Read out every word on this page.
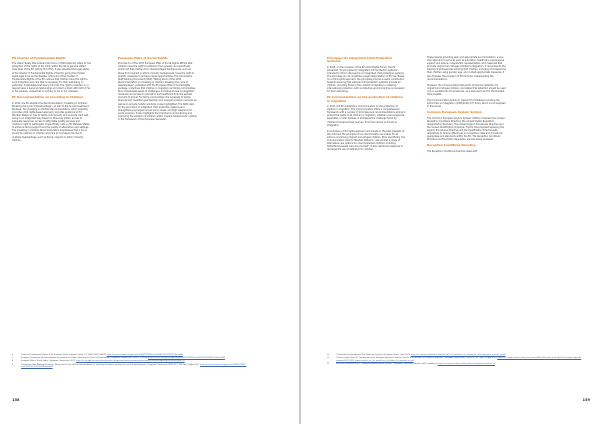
EU Charter of Fundamental Rights

The Lisbon Treaty that entered into force in 2009 explicitly refers to 'the protection of the rights of the child' within the list of general stated objectives of the EU (article 3(3) TEU). It also elevated the legal status of the Charter of Fundamental Rights of the EU, giving the Charter equal legal force as the Treaties. Article 24 of the Charter of Fundamental Rights of the EU outlines that children have the right to such protection and care that is necessary for their well-being. In particular, it stipulates that every child has 'the right to maintain on a regular basis a personal relationship and direct contact with both of his or her parents, unless that is contrary to his or her interests'.

EC Recommendation on Investing in Children

In 2013, the EC adopted the Recommendation "Investing in Children: Breaking the Cycle of Disadvantage", as part of the Social Investment Package. The Investing in Children Recommendation, which explicitly promotes child rights-based approach, provides guidance to EU Member States on how to tackle child poverty and promote child well-being in an integrated way based on three key pillars: access to adequate resources, access to affordable quality services and children's right to participate. It specifically calls on EU Member States to enhance family support and the quality of alternative care settings. The Investing in Children Recommendation emphasises that a focus should be centred on children who face an increased risk due to multiple disadvantage, such as Roma, migrant or ethnic minority children.

European Pillar of Social Rights

Principle 11 of the 2017 European Pillar of Social Rights affirms that children have the right to protection from poverty and specifically points out that children from disadvantaged backgrounds, such as those from migrant or ethnic minority backgrounds, have the right to specific measures to enhance equal opportunities. The Commission Staff Working Document (SWD) "Taking Stock of the 2013 Recommendation on Investing in children: breaking the cycle of disadvantage", published with the European Pillar of Social Rights package, underlines that children in migration and Roma communities face considerable levels of challenges, including access to integration measures and access to education and healthcare from the earliest moment of arrival. For Roma communities, the necessity to tackle financial and 'qualified guardianship' and unequal access to services as well as to provide holistic solutions is also highlighted. The SWD calls for the promotion of integrated child protection systems and strengthening synergies across policy areas, and high relevance for social inclusion. It also highlights the importance of monitoring and improving the situation of children within migrant backgrounds, notably in the framework of the European Semester.

6	Charter of Fundamental Rights of the European Union, European Union, 2.7.2000, 2000/C 364/01 https://eur-lex.europa.eu/legal-content/EN/TXT/PDF/?uri=CELEX:12012P/TXT&from=EN
7	European Commission Recommendation of Investing in Children: Breaking the Cycle of Disadvantage', European Commission, C(2013) 778 final https://eur-lex.europa.eu/legal-content/EN/TXT/PDF/?uri=CELEX:32013H0112&from=EN
8	European Pillar of Social Rights', European Commission, 2017. https://ec.europa.eu/commission/priorities/deeper-and-fairer-economic-and-monetary-union/european-pillar-social-rights_en
9	Commission Staff Working Document 'Taking stock of the 2013 Recommendation on 'Investing in children: breaking the cycle of disadvantage'', European Commission, SWD(2017) 258 final, 26 April 2017 https://eur-lex.europa.eu/legal-content/EN/TXT/PDF/?uri=CELEX:52017SC0258&from=EN
158
Principles for Integrated Child Protection Systems

In 2015, on the occasion of the 9th Child Rights Forum, the EC presented "10 principles for integrated child protection systems", intended to inform discussions on integrated child protection systems. The principles do not constitute a legal interpretation of EU law. Based on a child-rights approach, the principles provide a useful contribution towards ensuring that national child protection systems provide all children, including those in the context of migration or seeking international protection, with a protective environment as is necessary for their well-being.

EC Communication on the protection of children in migration

In 2017, the EC published a Communication on the protection of children in migration. The Communication offers a comprehensive framework with a number of principles and recommendations aiming to protect the rights of all children in migration, whether unaccompanied, separated, or with families. It addresses the challenge faced by children throughout their journey, from their arrival in Europe to integration.

It promotes a child-rights approach and insists on the best interests of the child and the principle of non-discrimination as a basis for all actions concerning migrant and refugee children. More specifically, the Communication calls for Member States to "ensure that a range of alternative care options for unaccompanied children, including foster/family-based care are provided". It also reinforces measures to decrease the use of detention for children.

These require providing each and appropriate accommodation, a one-stop approach to services such as education, healthcare, psychosocial support and leisure, independent representation, and measures that promote migrant and refugee children's integration. It recommends the training of professionals working with children, including commissioning their children using gender, age, and context-appropriate measures. It also foresees the provision of EU funds for implementing the recommendations.

However, the Communication falls short of banning detention for migrant and refugee children, and states that detention should be used only in exceptional circumstances, as a last resort and for the shortest time possible.

This Communication builds on relevant EU initiatives including the Action Plan on Integration (COM(2016) 377 final), which is not analysed in this annex.

Common European Asylum System

The 'Common European Asylum System' (CEAS) comprises the revised Reception Conditions Directive, the revised Dublin Regulation (supported by Eurodac), the revised Asylum Procedures Directive and the revised Qualification Directive. The EC has proposed replacing the Asylum Procedures Directive and the Qualification Directive with regulations to reduce differences in recognition rates and procedural guarantees and standards within the EU. The Reception Conditions Directive and the Dublin Regulation are also being reviewed.

Reception Conditions Directive

The Reception Conditions Directive deals with

10	'10 Principles for Integrated Child Protection Systems', European Union, 9 June 2015. https://ec.europa.eu/info/sites/info/files/2015_10_principles_for_integrated_child_protection_systems_en.pdf
11	'Communication from the Commission to the European Parliament and the Council: The Protection of Children in Migration', European Commission, COM(2017) 211 final, 12 April 2017 https://ec.europa.eu/home-affairs/sites/homeaffairs/files/what-we-do/policies/european-agenda-migration/20170412_communication_on_the_protection_of_children_in_migration_en.pdf
12	For further information see "Common European Asylum System", European Commission website, 2019 available at https://ec.europa.eu/home-affairs/what-we-do/policies/asylum_en
159
